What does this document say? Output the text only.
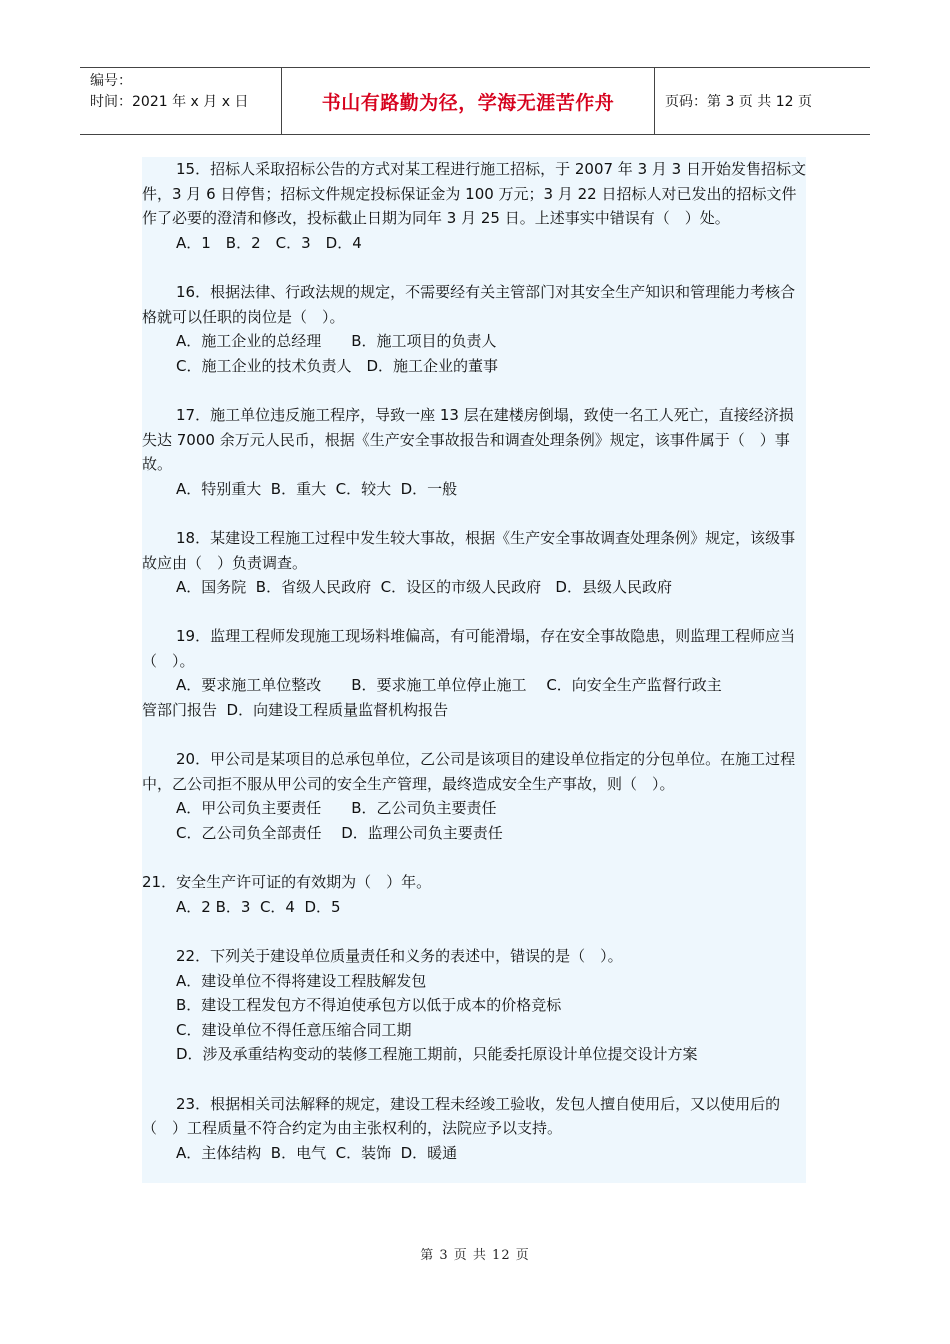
编号：
时间：2021 年 x 月 x 日	书山有路勤为径，学海无涯苦作舟	页码：第 3 页 共 12 页

15．招标人采取招标公告的方式对某工程进行施工招标，于 2007 年 3 月 3 日开始发售招标文件，3 月 6 日停售；招标文件规定投标保证金为 100 万元；3 月 22 日招标人对已发出的招标文件作了必要的澄清和修改，投标截止日期为同年 3 月 25 日。上述事实中错误有（　）处。

A．1　B．2　C．3　D．4

16．根据法律、行政法规的规定，不需要经有关主管部门对其安全生产知识和管理能力考核合格就可以任职的岗位是（　）。

A．施工企业的总经理　　B．施工项目的负责人

C．施工企业的技术负责人　D．施工企业的董事

17．施工单位违反施工程序，导致一座 13 层在建楼房倒塌，致使一名工人死亡，直接经济损失达 7000 余万元人民币，根据《生产安全事故报告和调查处理条例》规定，该事件属于（　）事故。

A．特别重大  B．重大  C．较大  D．一般

18．某建设工程施工过程中发生较大事故，根据《生产安全事故调查处理条例》规定，该级事故应由（　）负责调查。

A．国务院  B．省级人民政府  C．设区的市级人民政府   D．县级人民政府

19．监理工程师发现施工现场料堆偏高，有可能滑塌，存在安全事故隐患，则监理工程师应当（　）。

A．要求施工单位整改　　B．要求施工单位停止施工　 C．向安全生产监督行政主

管部门报告  D．向建设工程质量监督机构报告

20．甲公司是某项目的总承包单位，乙公司是该项目的建设单位指定的分包单位。在施工过程中，乙公司拒不服从甲公司的安全生产管理，最终造成安全生产事故，则（　）。

A．甲公司负主要责任　　B．乙公司负主要责任

C．乙公司负全部责任　 D．监理公司负主要责任

21．安全生产许可证的有效期为（　）年。

A．2 B．3  C．4  D．5

22．下列关于建设单位质量责任和义务的表述中，错误的是（　）。

A．建设单位不得将建设工程肢解发包

B．建设工程发包方不得迫使承包方以低于成本的价格竞标

C．建设单位不得任意压缩合同工期

D．涉及承重结构变动的装修工程施工期前，只能委托原设计单位提交设计方案

23．根据相关司法解释的规定，建设工程未经竣工验收，发包人擅自使用后，又以使用后的（　）工程质量不符合约定为由主张权利的，法院应予以支持。

A．主体结构  B．电气  C．装饰  D．暖通

第 3 页 共 12 页
